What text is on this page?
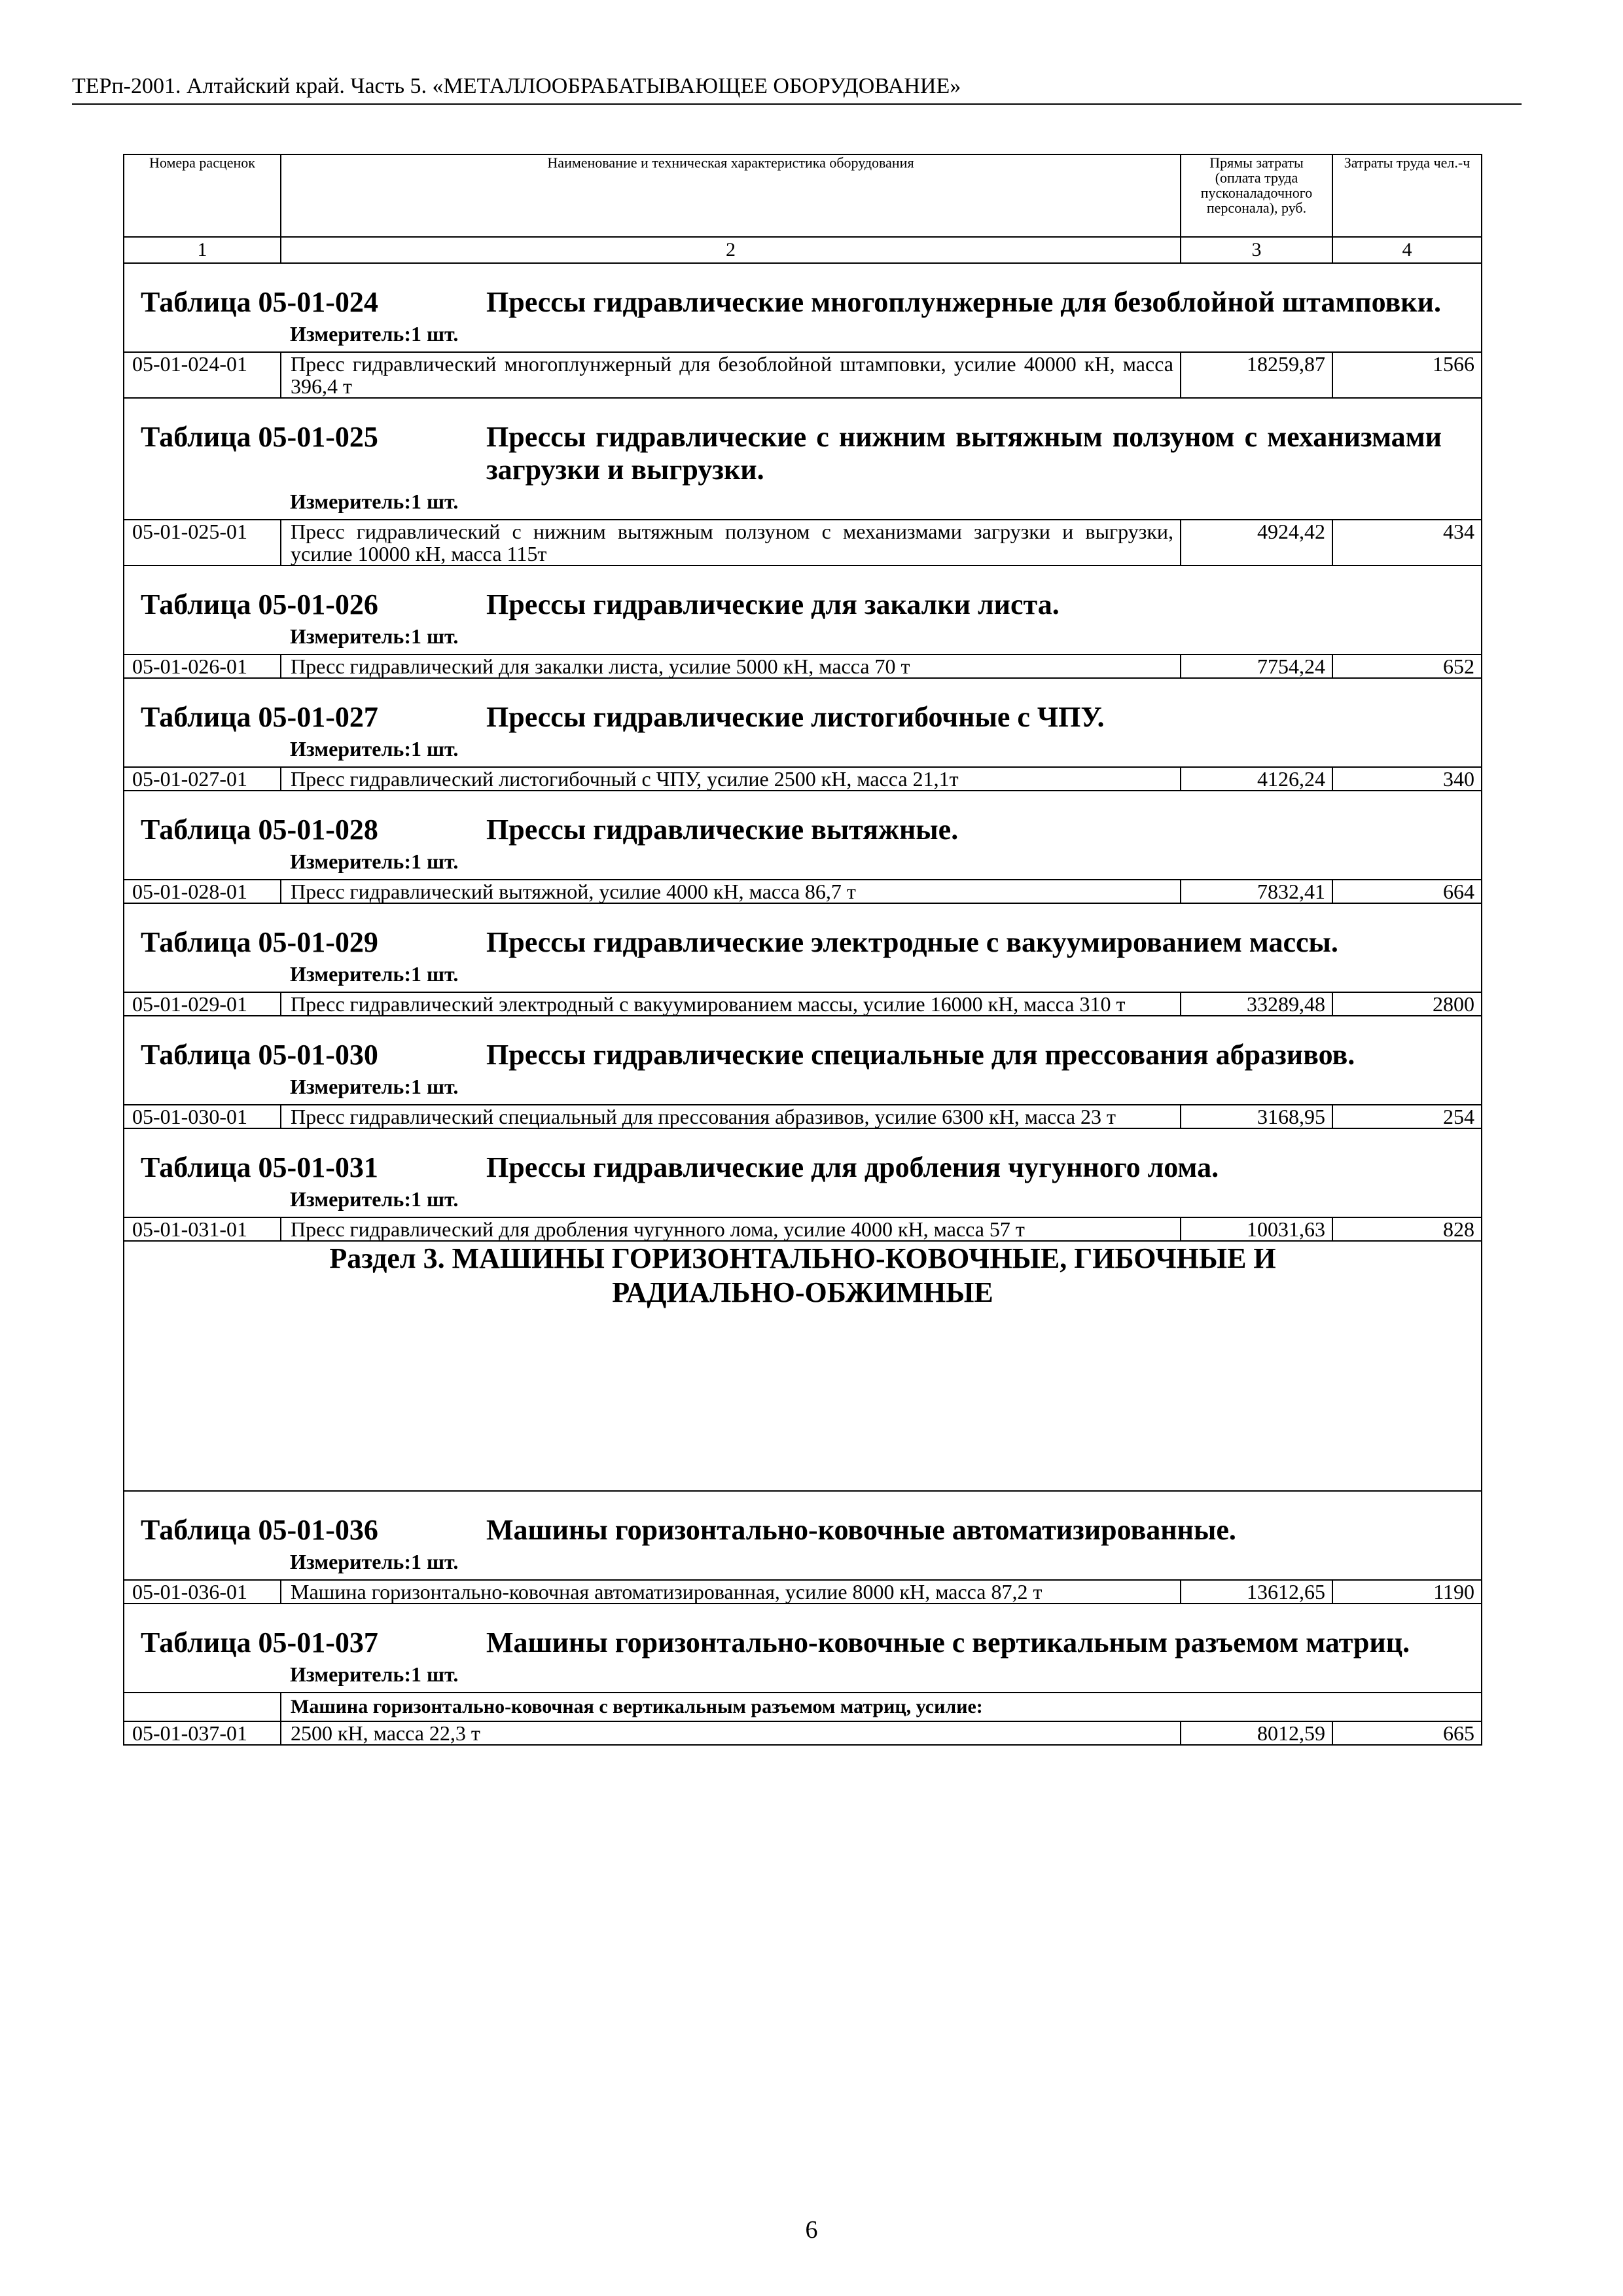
ТЕРп-2001. Алтайский край. Часть 5. «МЕТАЛЛООБРАБАТЫВАЮЩЕЕ ОБОРУДОВАНИЕ»
Номера расценок	Наименование и техническая характеристика оборудования	Прямы затраты (оплата труда пусконаладочного персонала), руб.	Затраты труда чел.-ч
1	2	3	4

Таблица 05-01-024 Прессы гидравлические многоплунжерные для безоблойной штамповки.
Измеритель:1 шт.			

05-01-024-01	Пресс гидравлический многоплунжерный для безоблойной штамповки, усилие 40000 кН, масса 396,4 т	18259,87	1566

Таблица 05-01-025 Прессы гидравлические с нижним вытяжным ползуном с механизмами загрузки и выгрузки.
Измеритель:1 шт.			

05-01-025-01	Пресс гидравлический с нижним вытяжным ползуном с механизмами загрузки и выгрузки, усилие 10000 кН, масса 115т	4924,42	434

Таблица 05-01-026 Прессы гидравлические для закалки листа.
Измеритель:1 шт.			

05-01-026-01	Пресс гидравлический для закалки листа, усилие 5000 кН, масса 70 т	7754,24	652

Таблица 05-01-027 Прессы гидравлические листогибочные с ЧПУ.
Измеритель:1 шт.			

05-01-027-01	Пресс гидравлический листогибочный с ЧПУ, усилие 2500 кН, масса 21,1т	4126,24	340

Таблица 05-01-028 Прессы гидравлические вытяжные.
Измеритель:1 шт.			

05-01-028-01	Пресс гидравлический вытяжной, усилие 4000 кН, масса 86,7 т	7832,41	664

Таблица 05-01-029 Прессы гидравлические электродные с вакуумированием массы.
Измеритель:1 шт.			

05-01-029-01	Пресс гидравлический электродный с вакуумированием массы, усилие 16000 кН, масса 310 т	33289,48	2800

Таблица 05-01-030 Прессы гидравлические специальные для прессования абразивов.
Измеритель:1 шт.			

05-01-030-01	Пресс гидравлический специальный для прессования абразивов, усилие 6300 кН, масса 23 т	3168,95	254

Таблица 05-01-031 Прессы гидравлические для дробления чугунного лома.
Измеритель:1 шт.			

05-01-031-01	Пресс гидравлический для дробления чугунного лома, усилие 4000 кН, масса 57 т	10031,63	828

Раздел 3. МАШИНЫ ГОРИЗОНТАЛЬНО-КОВОЧНЫЕ, ГИБОЧНЫЕ И
РАДИАЛЬНО-ОБЖИМНЫЕ			

Таблица 05-01-036 Машины горизонтально-ковочные автоматизированные.
Измеритель:1 шт.			

05-01-036-01	Машина горизонтально-ковочная автоматизированная, усилие 8000 кН, масса 87,2 т	13612,65	1190

Таблица 05-01-037 Машины горизонтально-ковочные с вертикальным разъемом матриц.
Измеритель:1 шт.			

	Машина горизонтально-ковочная с вертикальным разъемом матриц, усилие:		
05-01-037-01	2500 кН, масса 22,3 т	8012,59	665
6
